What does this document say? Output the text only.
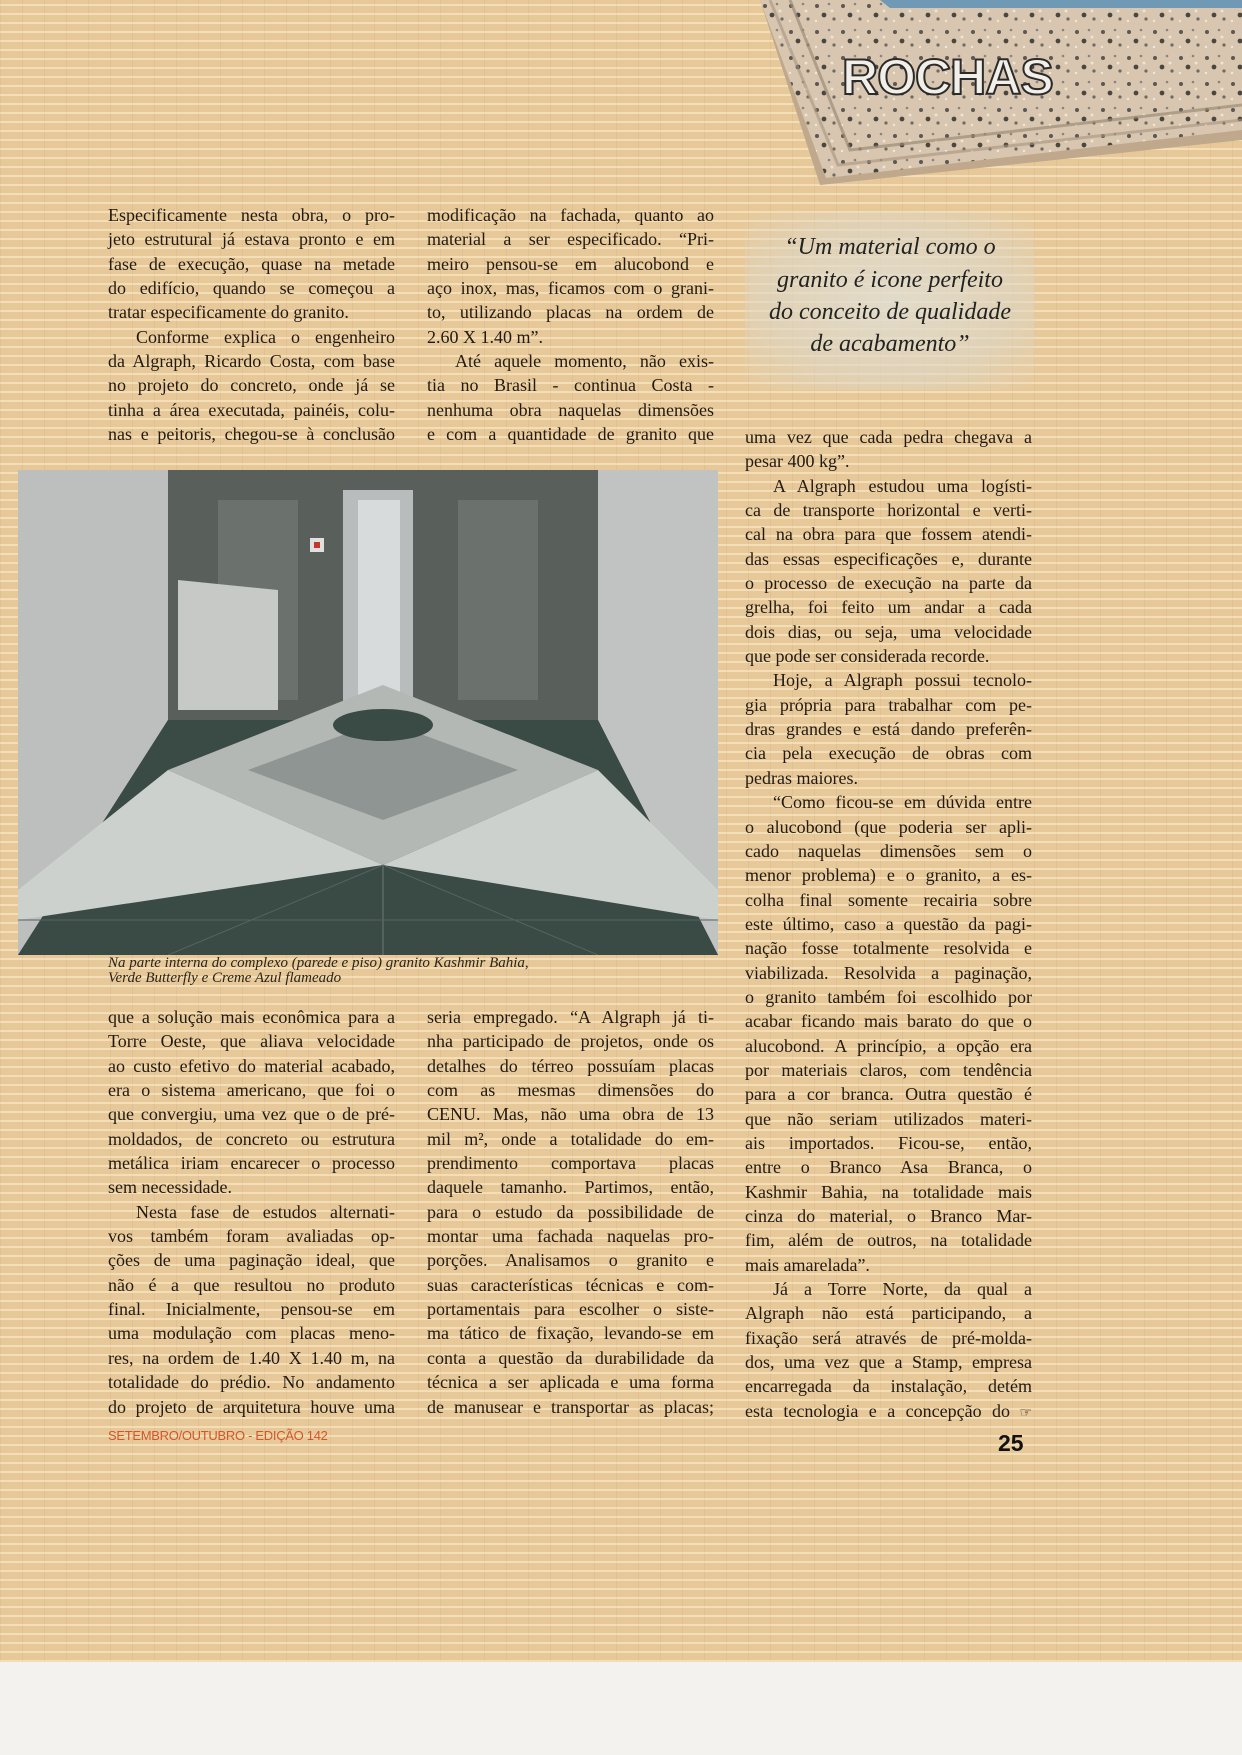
ROCHAS
Especificamente nesta obra, o pro-
jeto estrutural já estava pronto e em
fase de execução, quase na metade
do edifício, quando se começou a
tratar especificamente do granito.
Conforme explica o engenheiro
da Algraph, Ricardo Costa, com base
no projeto do concreto, onde já se
tinha a área executada, painéis, colu-
nas e peitoris, chegou-se à conclusão
modificação na fachada, quanto ao
material a ser especificado. “Pri-
meiro pensou-se em alucobond e
aço inox, mas, ficamos com o grani-
to, utilizando placas na ordem de
2.60 X 1.40 m”.
Até aquele momento, não exis-
tia no Brasil - continua Costa -
nenhuma obra naquelas dimensões
e com a quantidade de granito que
“Um material como o
granito é icone perfeito
do conceito de qualidade
de acabamento”
Na parte interna do complexo (parede e piso) granito Kashmir Bahia,
Verde Butterfly e Creme Azul flameado
que a solução mais econômica para a
Torre Oeste, que aliava velocidade
ao custo efetivo do material acabado,
era o sistema americano, que foi o
que convergiu, uma vez que o de pré-
moldados, de concreto ou estrutura
metálica iriam encarecer o processo
sem necessidade.
Nesta fase de estudos alternati-
vos também foram avaliadas op-
ções de uma paginação ideal, que
não é a que resultou no produto
final. Inicialmente, pensou-se em
uma modulação com placas meno-
res, na ordem de 1.40 X 1.40 m, na
totalidade do prédio. No andamento
do projeto de arquitetura houve uma
seria empregado. “A Algraph já ti-
nha participado de projetos, onde os
detalhes do térreo possuíam placas
com as mesmas dimensões do
CENU. Mas, não uma obra de 13
mil m², onde a totalidade do em-
prendimento comportava placas
daquele tamanho. Partimos, então,
para o estudo da possibilidade de
montar uma fachada naquelas pro-
porções. Analisamos o granito e
suas características técnicas e com-
portamentais para escolher o siste-
ma tático de fixação, levando-se em
conta a questão da durabilidade da
técnica a ser aplicada e uma forma
de manusear e transportar as placas;
uma vez que cada pedra chegava a
pesar 400 kg”.
A Algraph estudou uma logísti-
ca de transporte horizontal e verti-
cal na obra para que fossem atendi-
das essas especificações e, durante
o processo de execução na parte da
grelha, foi feito um andar a cada
dois dias, ou seja, uma velocidade
que pode ser considerada recorde.
Hoje, a Algraph possui tecnolo-
gia própria para trabalhar com pe-
dras grandes e está dando preferên-
cia pela execução de obras com
pedras maiores.
“Como ficou-se em dúvida entre
o alucobond (que poderia ser apli-
cado naquelas dimensões sem o
menor problema) e o granito, a es-
colha final somente recairia sobre
este último, caso a questão da pagi-
nação fosse totalmente resolvida e
viabilizada. Resolvida a paginação,
o granito também foi escolhido por
acabar ficando mais barato do que o
alucobond. A princípio, a opção era
por materiais claros, com tendência
para a cor branca. Outra questão é
que não seriam utilizados materi-
ais importados. Ficou-se, então,
entre o Branco Asa Branca, o
Kashmir Bahia, na totalidade mais
cinza do material, o Branco Mar-
fim, além de outros, na totalidade
mais amarelada”.
Já a Torre Norte, da qual a
Algraph não está participando, a
fixação será através de pré-molda-
dos, uma vez que a Stamp, empresa
encarregada da instalação, detém
esta tecnologia e a concepção do ☞
SETEMBRO/OUTUBRO - EDIÇÃO 142	25
